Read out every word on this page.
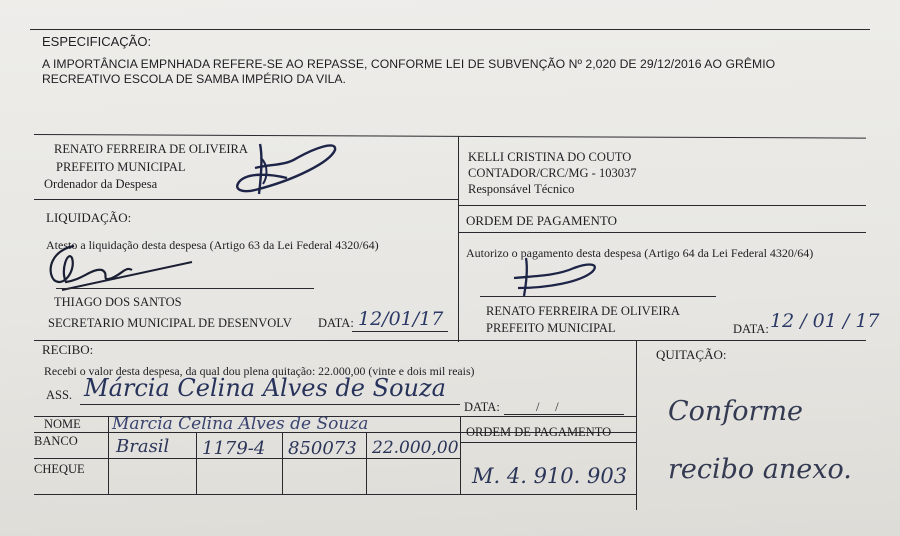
ESPECIFICAÇÃO:
A IMPORTÂNCIA EMPNHADA REFERE-SE AO REPASSE, CONFORME LEI DE SUBVENÇÃO Nº 2,020 DE 29/12/2016 AO GRÊMIO
RECREATIVO ESCOLA DE SAMBA IMPÉRIO DA VILA.
RENATO FERREIRA DE OLIVEIRA
PREFEITO MUNICIPAL
Ordenador da Despesa
KELLI CRISTINA DO COUTO
CONTADOR/CRC/MG - 103037
Responsável Técnico
LIQUIDAÇÃO:
Atesto a liquidação desta despesa (Artigo 63 da Lei Federal 4320/64)
THIAGO DOS SANTOS
SECRETARIO MUNICIPAL DE DESENVOLV DATA: 12/01/17
ORDEM DE PAGAMENTO
Autorizo o pagamento desta despesa (Artigo 64 da Lei Federal 4320/64)
RENATO FERREIRA DE OLIVEIRA
PREFEITO MUNICIPAL	DATA: 12 / 01 / 17
RECIBO:
Recebi o valor desta despesa, da qual dou plena quitação: 22.000,00 (vinte e dois mil reais)
ASS. Márcia Celina Alves de Souza
DATA:	/     /
NOME Marcia Celina Alves de Souza
BANCO
CHEQUE
Brasil 1179-4 850073 22.000,00
ORDEM DE PAGAMENTO
M. 4. 910. 903
QUITAÇÃO:
Conforme
recibo anexo.
